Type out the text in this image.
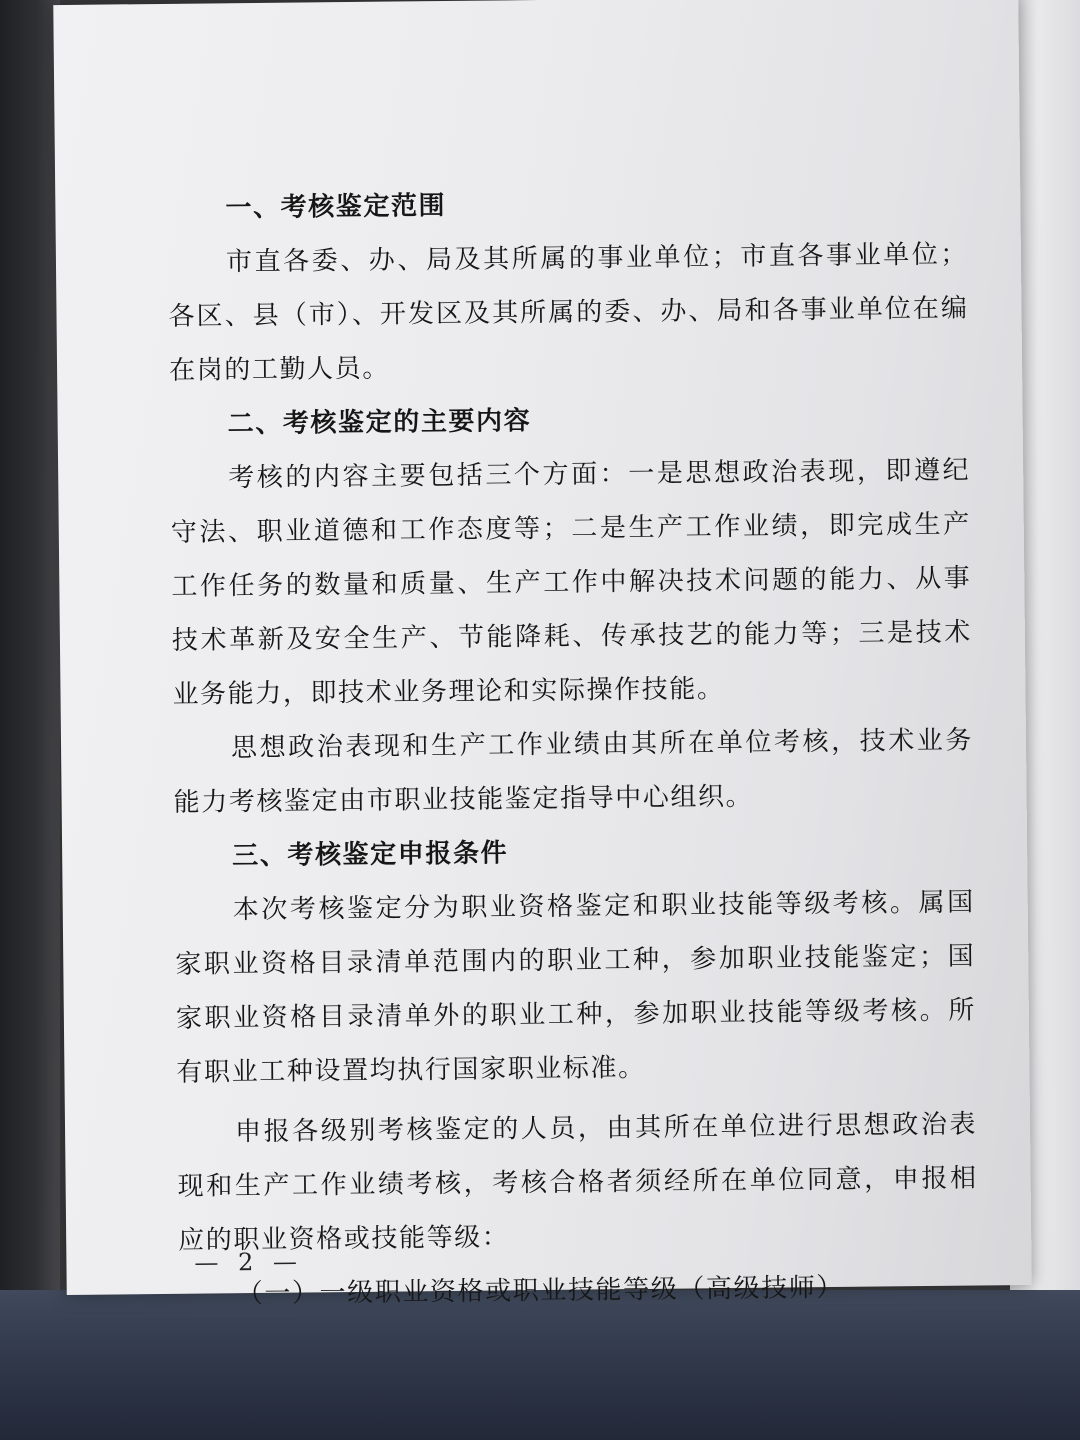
一、考核鉴定范围

市直各委、办、局及其所属的事业单位；市直各事业单位；各区、县（市）、开发区及其所属的委、办、局和各事业单位在编在岗的工勤人员。

二、考核鉴定的主要内容

考核的内容主要包括三个方面：一是思想政治表现，即遵纪守法、职业道德和工作态度等；二是生产工作业绩，即完成生产工作任务的数量和质量、生产工作中解决技术问题的能力、从事技术革新及安全生产、节能降耗、传承技艺的能力等；三是技术业务能力，即技术业务理论和实际操作技能。

思想政治表现和生产工作业绩由其所在单位考核，技术业务能力考核鉴定由市职业技能鉴定指导中心组织。

三、考核鉴定申报条件

本次考核鉴定分为职业资格鉴定和职业技能等级考核。属国家职业资格目录清单范围内的职业工种，参加职业技能鉴定；国家职业资格目录清单外的职业工种，参加职业技能等级考核。所有职业工种设置均执行国家职业标准。

申报各级别考核鉴定的人员，由其所在单位进行思想政治表现和生产工作业绩考核，考核合格者须经所在单位同意，申报相应的职业资格或技能等级：

（一）一级职业资格或职业技能等级（高级技师）

— 2 —
